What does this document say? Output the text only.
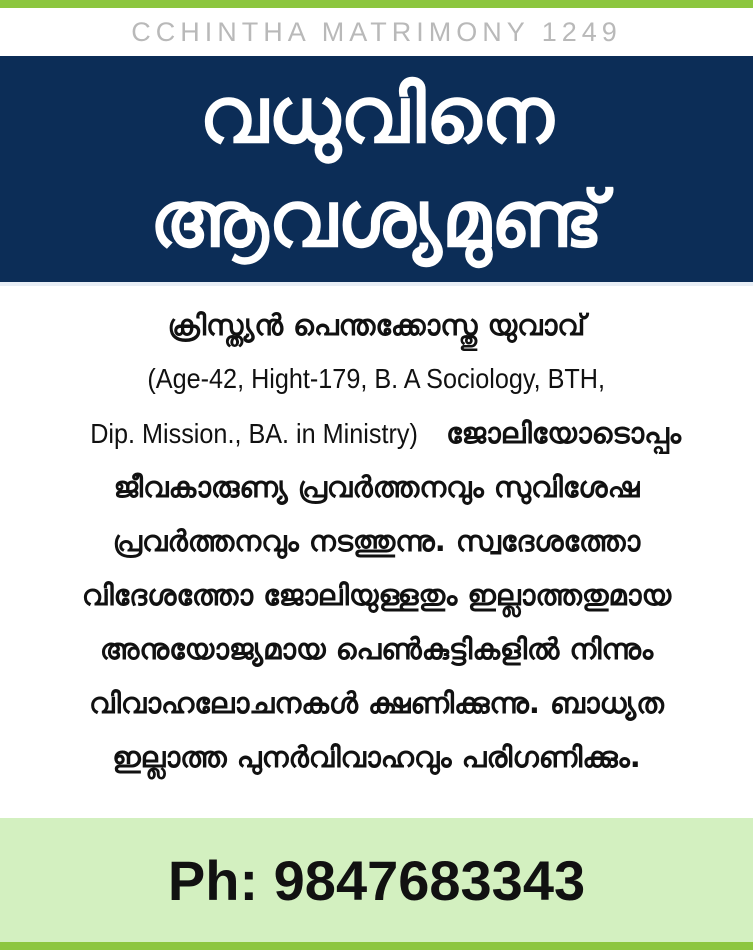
CCHINTHA MATRIMONY 1249
വധുവിനെ
ആവശ്യമുണ്ട്
ക്രിസ്ത്യൻ പെന്തക്കോസ്തു യുവാവ്
(Age-42, Hight-179, B. A Sociology, BTH,
Dip. Mission., BA. in Ministry) ജോലിയോടൊപ്പം
ജീവകാരുണ്യ പ്രവർത്തനവും സുവിശേഷ
പ്രവർത്തനവും നടത്തുന്നു. സ്വദേശത്തോ
വിദേശത്തോ ജോലിയുള്ളതും ഇല്ലാത്തതുമായ
അനുയോജ്യമായ പെൺകുട്ടികളിൽ നിന്നും
വിവാഹലോചനകൾ ക്ഷണിക്കുന്നു. ബാധ്യത
ഇല്ലാത്ത പുനർവിവാഹവും പരിഗണിക്കും.
Ph: 9847683343
